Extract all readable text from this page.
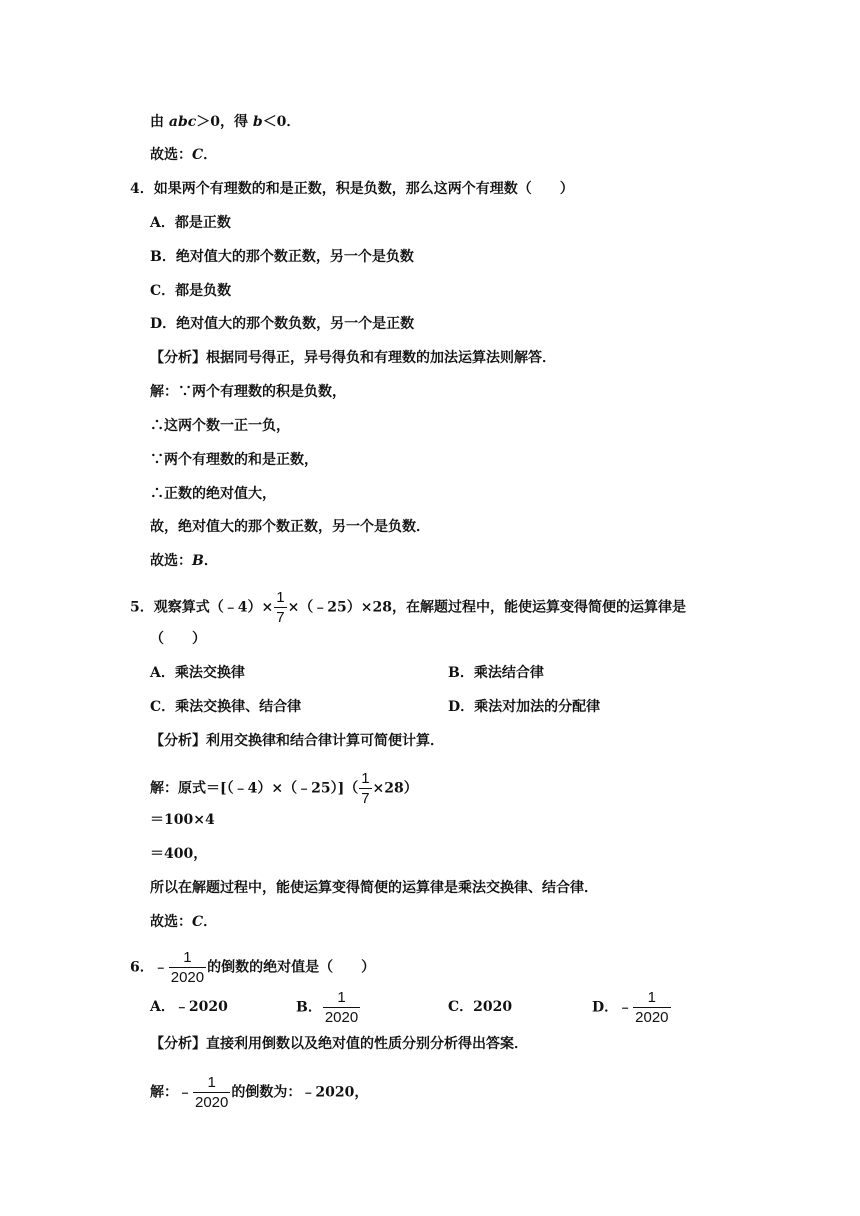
由 abc＞0，得 b＜0．
故选：C．
4．如果两个有理数的和是正数，积是负数，那么这两个有理数（　　）
A．都是正数
B．绝对值大的那个数正数，另一个是负数
C．都是负数
D．绝对值大的那个数负数，另一个是正数
【分析】根据同号得正，异号得负和有理数的加法运算法则解答．
解：∵两个有理数的积是负数，
∴这两个数一正一负，
∵两个有理数的和是正数，
∴正数的绝对值大，
故，绝对值大的那个数正数，另一个是负数．
故选：B．
5．观察算式（﹣4）× $\frac{1}{7}$ ×（﹣25）×28，在解题过程中，能使运算变得简便的运算律是
（　　）
A．乘法交换律	B．乘法结合律
C．乘法交换律、结合律	D．乘法对加法的分配律
【分析】利用交换律和结合律计算可简便计算．
解：原式＝[（﹣4）×（﹣25）]（ $\frac{1}{7} \times 28$）
＝100×4
＝400，
所以在解题过程中，能使运算变得简便的运算律是乘法交换律、结合律．
故选：C．
6．﹣ $\frac{1}{2020}$ 的倒数的绝对值是（　　）
A．﹣2020	B． $\frac{1}{2020}$	C．2020	D．﹣ $\frac{1}{2020}$
【分析】直接利用倒数以及绝对值的性质分别分析得出答案．
解：﹣ $\frac{1}{2020}$ 的倒数为：﹣2020，
